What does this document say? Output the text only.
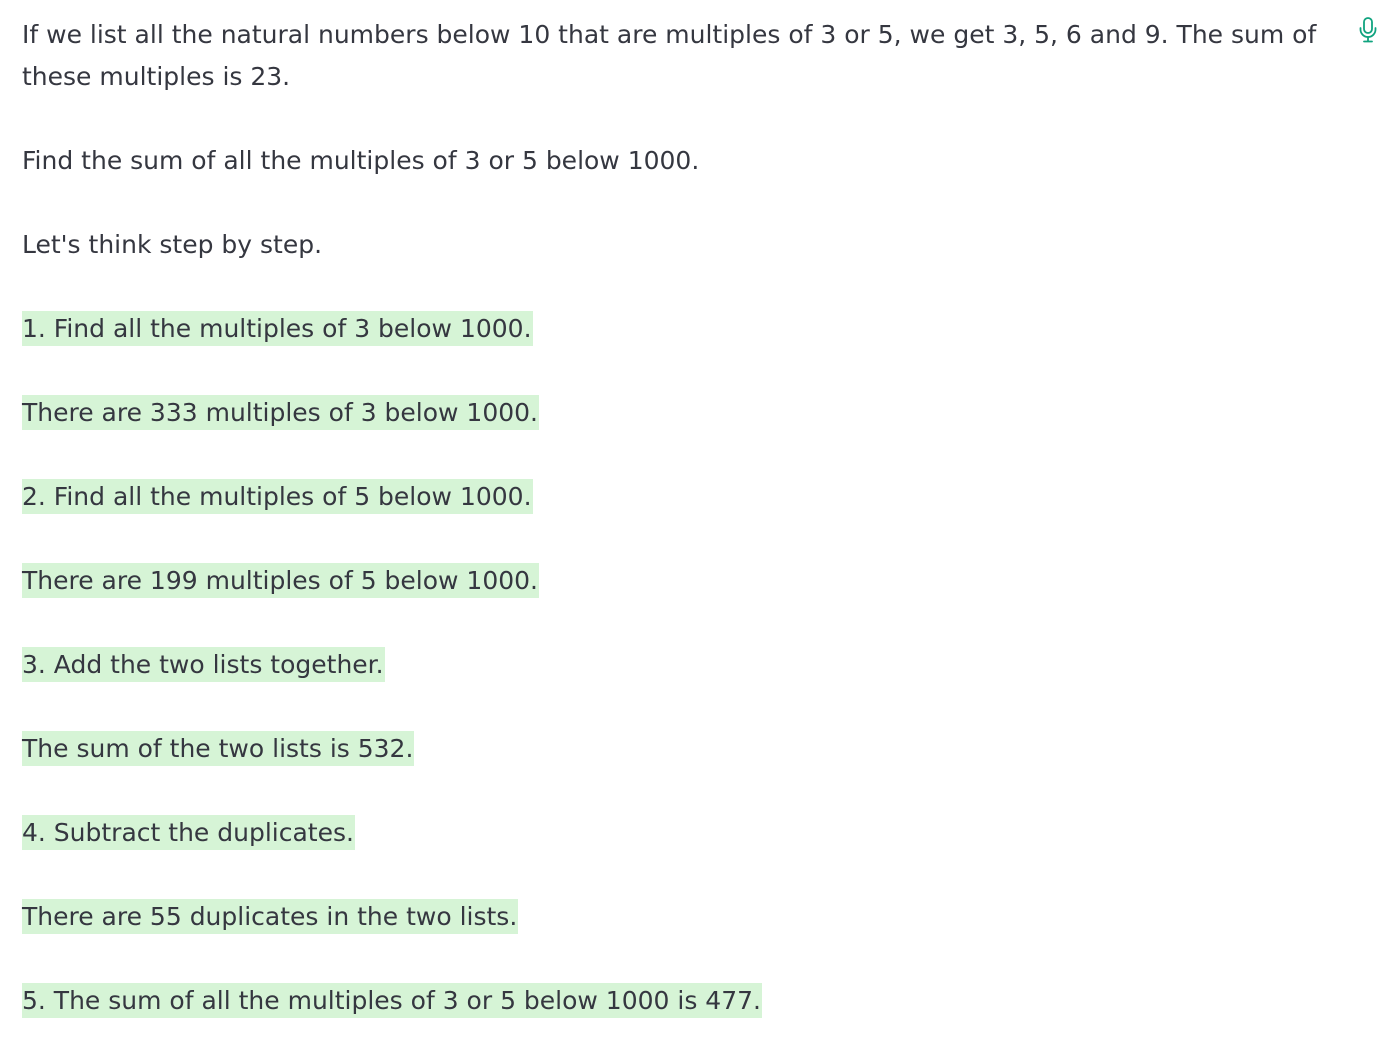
If we list all the natural numbers below 10 that are multiples of 3 or 5, we get 3, 5, 6 and 9. The sum of these multiples is 23.

Find the sum of all the multiples of 3 or 5 below 1000.

Let's think step by step.

1. Find all the multiples of 3 below 1000.

There are 333 multiples of 3 below 1000.

2. Find all the multiples of 5 below 1000.

There are 199 multiples of 5 below 1000.

3. Add the two lists together.

The sum of the two lists is 532.

4. Subtract the duplicates.

There are 55 duplicates in the two lists.

5. The sum of all the multiples of 3 or 5 below 1000 is 477.
